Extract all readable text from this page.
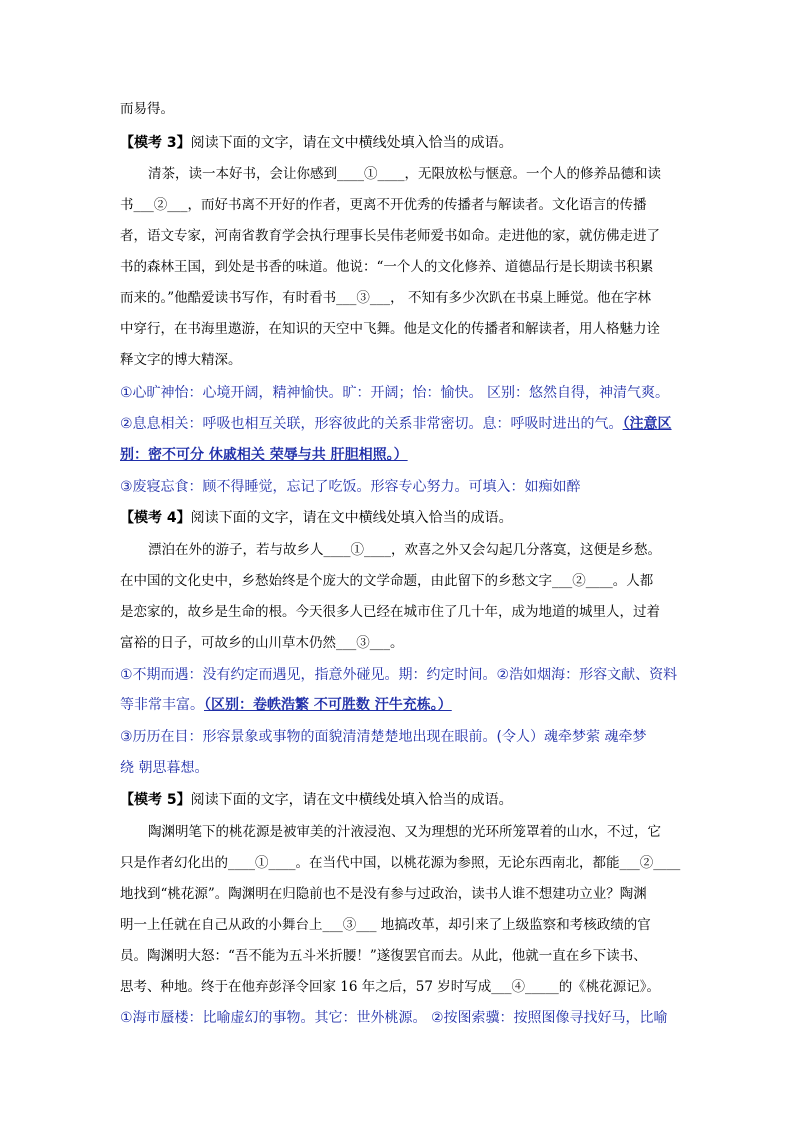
而易得。
【模考 3】阅读下面的文字，请在文中横线处填入恰当的成语。
清茶，读一本好书，会让你感到____①____，无限放松与惬意。一个人的修养品德和读
书___②___，而好书离不开好的作者，更离不开优秀的传播者与解读者。文化语言的传播
者，语文专家，河南省教育学会执行理事长吴伟老师爱书如命。走进他的家，就仿佛走进了
书的森林王国，到处是书香的味道。他说：“一个人的文化修养、道德品行是长期读书积累
而来的。”他酷爱读书写作，有时看书___③___， 不知有多少次趴在书桌上睡觉。他在字林
中穿行，在书海里遨游，在知识的天空中飞舞。他是文化的传播者和解读者，用人格魅力诠
释文字的博大精深。
①心旷神怡：心境开阔，精神愉快。旷：开阔；怡：愉快。 区别：悠然自得，神清气爽。
②息息相关：呼吸也相互关联，形容彼此的关系非常密切。息：呼吸时进出的气。（注意区
别：密不可分 休戚相关 荣辱与共 肝胆相照。）
③废寝忘食：顾不得睡觉，忘记了吃饭。形容专心努力。可填入：如痴如醉
【模考 4】阅读下面的文字，请在文中横线处填入恰当的成语。
漂泊在外的游子，若与故乡人____①____，欢喜之外又会勾起几分落寞，这便是乡愁。
在中国的文化史中，乡愁始终是个庞大的文学命题，由此留下的乡愁文字___②____。人都
是恋家的，故乡是生命的根。今天很多人已经在城市住了几十年，成为地道的城里人，过着
富裕的日子，可故乡的山川草木仍然___③___。
①不期而遇：没有约定而遇见，指意外碰见。期：约定时间。②浩如烟海：形容文献、资料
等非常丰富。（区别：卷帙浩繁 不可胜数 汗牛充栋。）
③历历在目：形容景象或事物的面貌清清楚楚地出现在眼前。(令人）魂牵梦萦 魂牵梦
绕 朝思暮想。
【模考 5】阅读下面的文字，请在文中横线处填入恰当的成语。
陶渊明笔下的桃花源是被审美的汁液浸泡、又为理想的光环所笼罩着的山水，不过，它
只是作者幻化出的____①____。在当代中国，以桃花源为参照，无论东西南北，都能___②____
地找到“桃花源”。陶渊明在归隐前也不是没有参与过政治，读书人谁不想建功立业？陶渊
明一上任就在自己从政的小舞台上___③___ 地搞改革，却引来了上级监察和考核政绩的官
员。陶渊明大怒：“吾不能为五斗米折腰！”遂復罢官而去。从此，他就一直在乡下读书、
思考、种地。终于在他弃彭泽令回家 16 年之后，57 岁时写成___④_____的《桃花源记》。
①海市蜃楼：比喻虚幻的事物。其它：世外桃源。 ②按图索骥：按照图像寻找好马，比喻
